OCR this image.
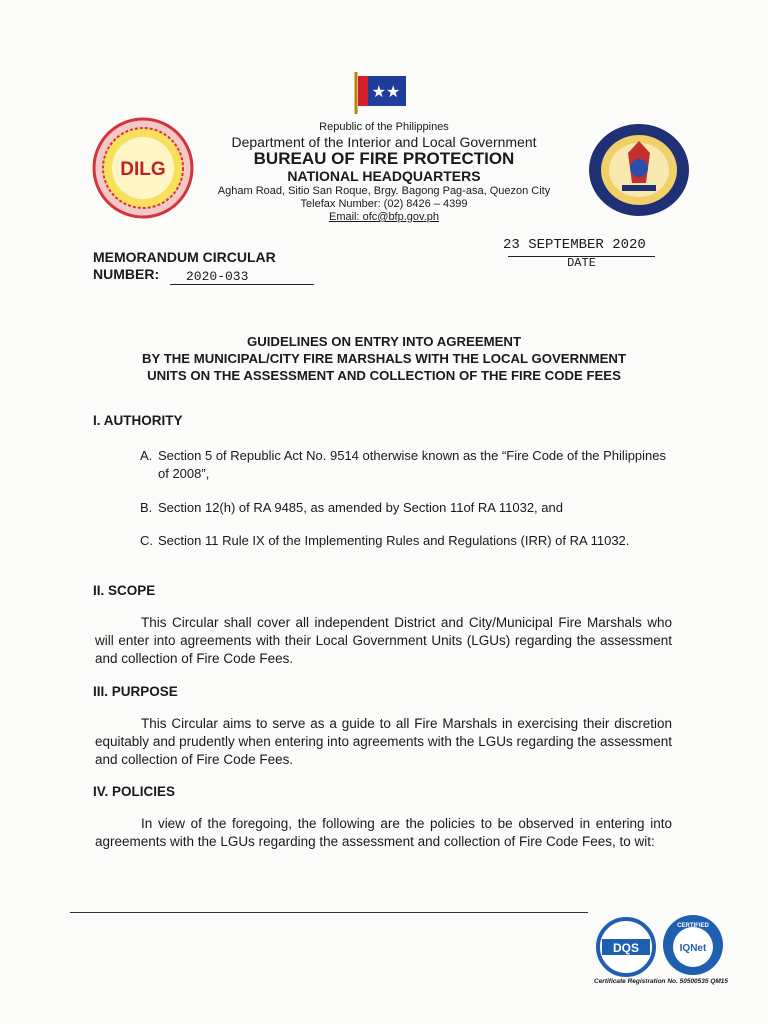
★★
DILG
Republic of the Philippines
Department of the Interior and Local Government
BUREAU OF FIRE PROTECTION
NATIONAL HEADQUARTERS
Agham Road, Sitio San Roque, Brgy. Bagong Pag-asa, Quezon City
Telefax Number: (02) 8426 – 4399
Email: ofc@bfp.gov.ph
MEMORANDUM CIRCULAR
NUMBER: 2020-033
23 SEPTEMBER 2020
DATE
GUIDELINES ON ENTRY INTO AGREEMENT
BY THE MUNICIPAL/CITY FIRE MARSHALS WITH THE LOCAL GOVERNMENT
UNITS ON THE ASSESSMENT AND COLLECTION OF THE FIRE CODE FEES
I. AUTHORITY
A. Section 5 of Republic Act No. 9514 otherwise known as the “Fire Code of the Philippines of 2008”,
B. Section 12(h) of RA 9485, as amended by Section 11of RA 11032, and
C. Section 11 Rule IX of the Implementing Rules and Regulations (IRR) of RA 11032.
II. SCOPE
This Circular shall cover all independent District and City/Municipal Fire Marshals who will enter into agreements with their Local Government Units (LGUs) regarding the assessment and collection of Fire Code Fees.
III. PURPOSE
This Circular aims to serve as a guide to all Fire Marshals in exercising their discretion equitably and prudently when entering into agreements with the LGUs regarding the assessment and collection of Fire Code Fees.
IV. POLICIES
In view of the foregoing, the following are the policies to be observed in entering into agreements with the LGUs regarding the assessment and collection of Fire Code Fees, to wit:
DQS
CERTIFIED
IQNet
Certificate Registration No. 50500535 QM15
